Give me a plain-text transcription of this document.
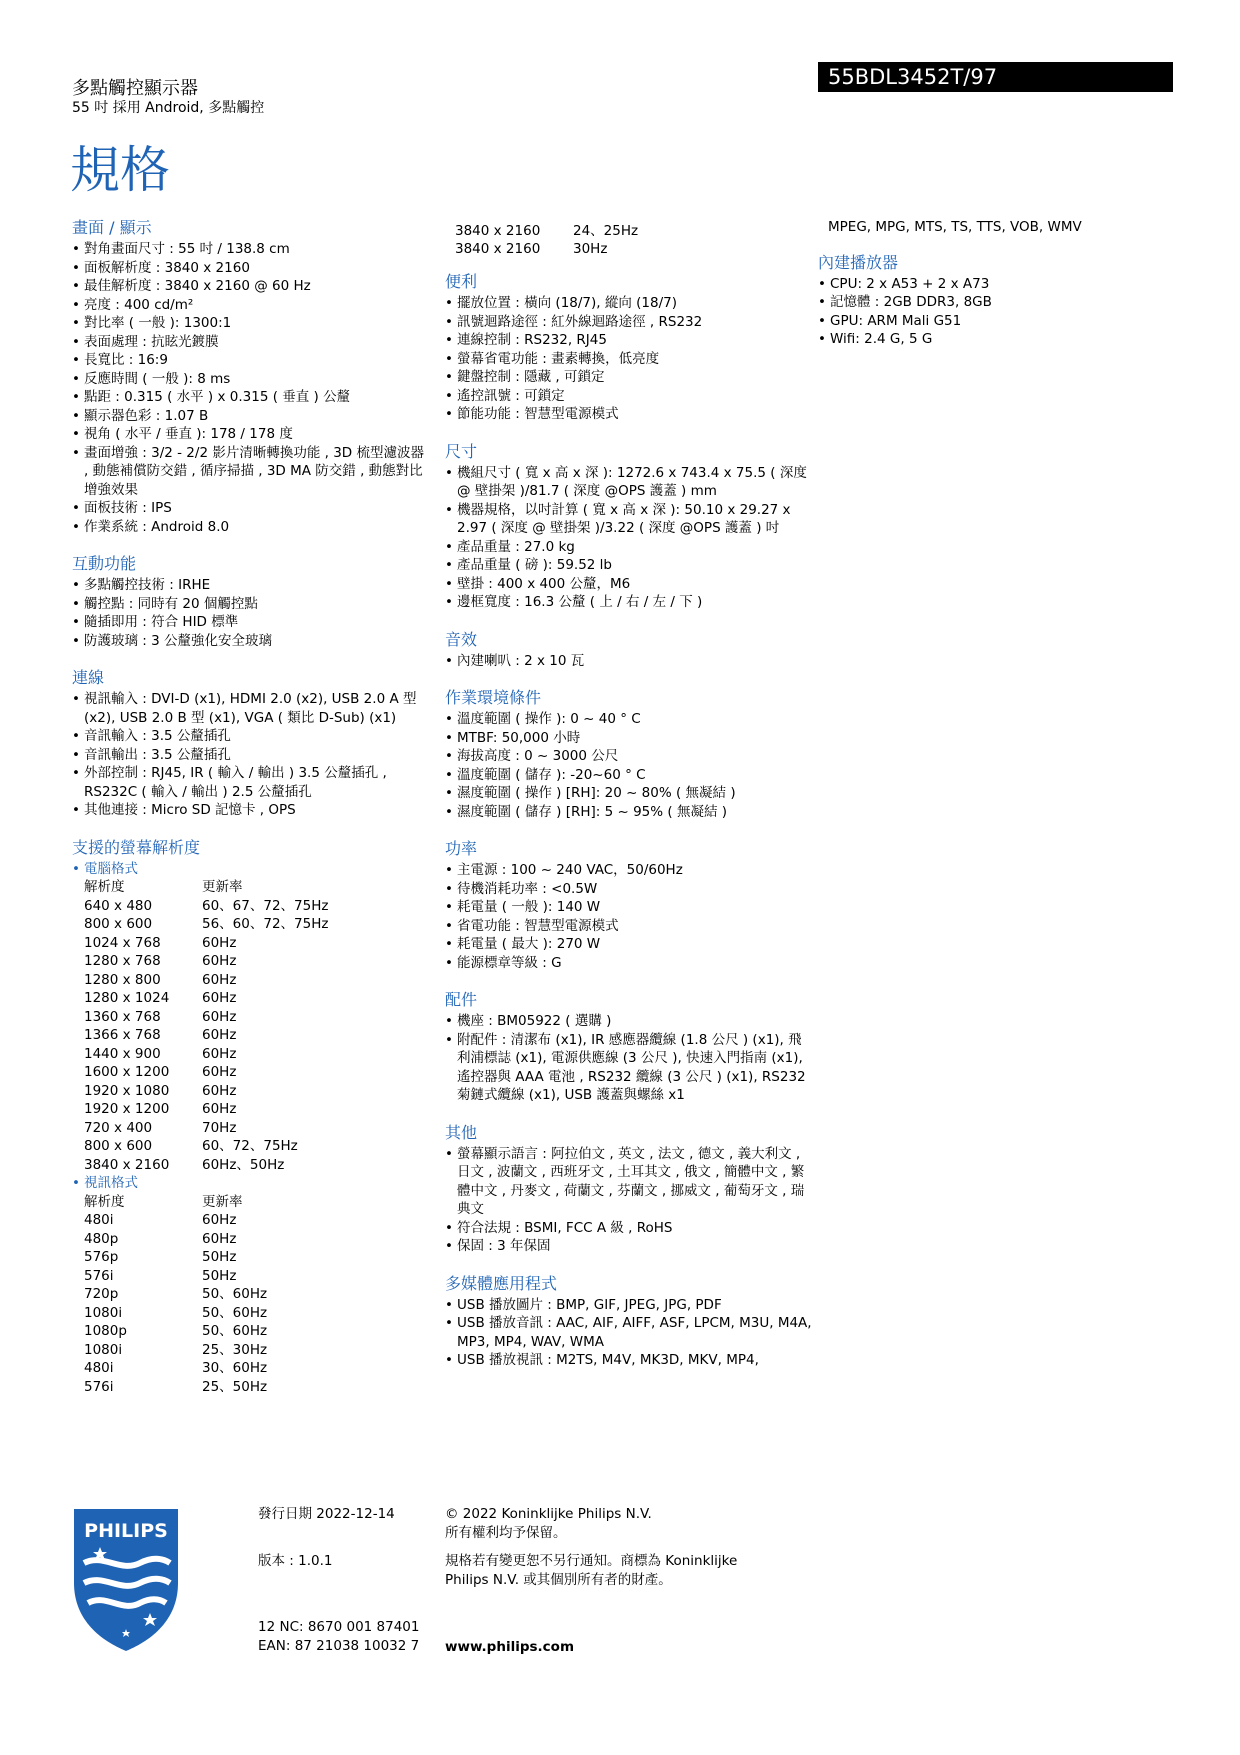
多點觸控顯示器
55 吋 採用 Android, 多點觸控
55BDL3452T/97
規格
畫面 / 顯示
• 對角畫面尺寸 : 55 吋 / 138.8 cm
• 面板解析度 : 3840 x 2160
• 最佳解析度 : 3840 x 2160 @ 60 Hz
• 亮度 : 400 cd/m²
• 對比率 ( 一般 ): 1300:1
• 表面處理 : 抗眩光鍍膜
• 長寬比 : 16:9
• 反應時間 ( 一般 ): 8 ms
• 點距 : 0.315 ( 水平 ) x 0.315 ( 垂直 ) 公釐
• 顯示器色彩 : 1.07 B
• 視角 ( 水平 / 垂直 ): 178 / 178 度
• 畫面增強 : 3/2 - 2/2 影片清晰轉換功能 , 3D 梳型濾波器 , 動態補償防交錯 , 循序掃描 , 3D MA 防交錯 , 動態對比增強效果
• 面板技術 : IPS
• 作業系統 : Android 8.0
互動功能
• 多點觸控技術 : IRHE
• 觸控點 : 同時有 20 個觸控點
• 隨插即用 : 符合 HID 標準
• 防護玻璃 : 3 公釐強化安全玻璃
連線
• 視訊輸入 : DVI-D (x1), HDMI 2.0 (x2), USB 2.0 A 型 (x2), USB 2.0 B 型 (x1), VGA ( 類比 D-Sub) (x1)
• 音訊輸入 : 3.5 公釐插孔
• 音訊輸出 : 3.5 公釐插孔
• 外部控制 : RJ45, IR ( 輸入 / 輸出 ) 3.5 公釐插孔 , RS232C ( 輸入 / 輸出 ) 2.5 公釐插孔
• 其他連接 : Micro SD 記憶卡 , OPS
支援的螢幕解析度
• 電腦格式
解析度	更新率
640 x 480	60、67、72、75Hz
800 x 600	56、60、72、75Hz
1024 x 768	60Hz
1280 x 768	60Hz
1280 x 800	60Hz
1280 x 1024	60Hz
1360 x 768	60Hz
1366 x 768	60Hz
1440 x 900	60Hz
1600 x 1200	60Hz
1920 x 1080	60Hz
1920 x 1200	60Hz
720 x 400	70Hz
800 x 600	60、72、75Hz
3840 x 2160	60Hz、50Hz
• 視訊格式
解析度	更新率
480i	60Hz
480p	60Hz
576p	50Hz
576i	50Hz
720p	50、60Hz
1080i	50、60Hz
1080p	50、60Hz
1080i	25、30Hz
480i	30、60Hz
576i	25、50Hz
3840 x 2160	24、25Hz
3840 x 2160	30Hz
便利
• 擺放位置 : 橫向 (18/7), 縱向 (18/7)
• 訊號迴路途徑 : 紅外線迴路途徑 , RS232
• 連線控制 : RS232, RJ45
• 螢幕省電功能 : 畫素轉換，低亮度
• 鍵盤控制 : 隱藏 , 可鎖定
• 遙控訊號 : 可鎖定
• 節能功能 : 智慧型電源模式
尺寸
• 機組尺寸 ( 寬 x 高 x 深 ): 1272.6 x 743.4 x 75.5 ( 深度 @ 壁掛架 )/81.7 ( 深度 @OPS 護蓋 ) mm
• 機器規格，以吋計算 ( 寬 x 高 x 深 ): 50.10 x 29.27 x 2.97 ( 深度 @ 壁掛架 )/3.22 ( 深度 @OPS 護蓋 ) 吋
• 產品重量 : 27.0 kg
• 產品重量 ( 磅 ): 59.52 lb
• 壁掛 : 400 x 400 公釐，M6
• 邊框寬度 : 16.3 公釐 ( 上 / 右 / 左 / 下 )
音效
• 內建喇叭 : 2 x 10 瓦
作業環境條件
• 溫度範圍 ( 操作 ): 0 ~ 40 ° C
• MTBF: 50,000 小時
• 海拔高度 : 0 ~ 3000 公尺
• 溫度範圍 ( 儲存 ): -20~60 ° C
• 濕度範圍 ( 操作 ) [RH]: 20 ~ 80% ( 無凝結 )
• 濕度範圍 ( 儲存 ) [RH]: 5 ~ 95% ( 無凝結 )
功率
• 主電源 : 100 ~ 240 VAC，50/60Hz
• 待機消耗功率 : <0.5W
• 耗電量 ( 一般 ): 140 W
• 省電功能 : 智慧型電源模式
• 耗電量 ( 最大 ): 270 W
• 能源標章等級 : G
配件
• 機座 : BM05922 ( 選購 )
• 附配件 : 清潔布 (x1), IR 感應器纜線 (1.8 公尺 ) (x1), 飛利浦標誌 (x1), 電源供應線 (3 公尺 ), 快速入門指南 (x1), 遙控器與 AAA 電池 , RS232 纜線 (3 公尺 ) (x1), RS232 菊鏈式纜線 (x1), USB 護蓋與螺絲 x1
其他
• 螢幕顯示語言 : 阿拉伯文 , 英文 , 法文 , 德文 , 義大利文 , 日文 , 波蘭文 , 西班牙文 , 土耳其文 , 俄文 , 簡體中文 , 繁體中文 , 丹麥文 , 荷蘭文 , 芬蘭文 , 挪威文 , 葡萄牙文 , 瑞典文
• 符合法規 : BSMI, FCC A 級 , RoHS
• 保固 : 3 年保固
多媒體應用程式
• USB 播放圖片 : BMP, GIF, JPEG, JPG, PDF
• USB 播放音訊 : AAC, AIF, AIFF, ASF, LPCM, M3U, M4A, MP3, MP4, WAV, WMA
• USB 播放視訊 : M2TS, M4V, MK3D, MKV, MP4,
MPEG, MPG, MTS, TS, TTS, VOB, WMV
內建播放器
• CPU: 2 x A53 + 2 x A73
• 記憶體 : 2GB DDR3, 8GB
• GPU: ARM Mali G51
• Wifi: 2.4 G, 5 G
PHILIPS
發行日期 2022-12-14
版本 : 1.0.1
12 NC: 8670 001 87401
EAN: 87 21038 10032 7
© 2022 Koninklijke Philips N.V.
所有權利均予保留。
規格若有變更恕不另行通知。商標為 Koninklijke
Philips N.V. 或其個別所有者的財產。
www.philips.com
